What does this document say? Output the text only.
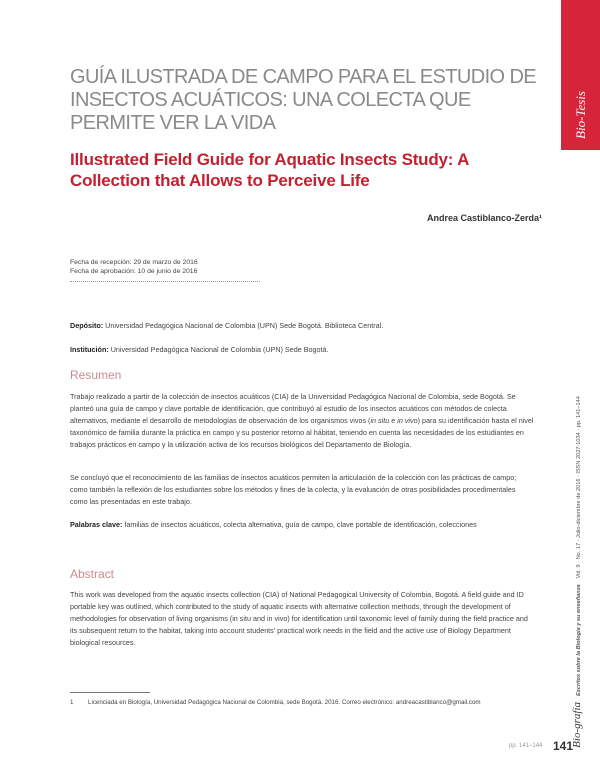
Bio-Tesis
GUÍA ILUSTRADA DE CAMPO PARA EL ESTUDIO DE INSECTOS ACUÁTICOS: UNA COLECTA QUE PERMITE VER LA VIDA
Illustrated Field Guide for Aquatic Insects Study: A Collection that Allows to Perceive Life
Andrea Castiblanco-Zerda¹
Fecha de recepción: 29 de marzo de 2016
Fecha de aprobación: 10 de junio de 2016

Depósito: Universidad Pedagógica Nacional de Colombia (UPN) Sede Bogotá. Biblioteca Central.

Institución: Universidad Pedagógica Nacional de Colombia (UPN) Sede Bogotá.

Resumen

Trabajo realizado a partir de la colección de insectos acuáticos (CIA) de la Universidad Pedagógica Nacional de Colombia, sede Bogotá. Se planteó una guía de campo y clave portable de identificación, que contribuyó al estudio de los insectos acuáticos con métodos de colecta alternativos, mediante el desarrollo de metodologías de observación de los organismos vivos (in situ e in vivo) para su identificación hasta el nivel taxonómico de familia durante la práctica en campo y su posterior retorno al hábitat, teniendo en cuenta las necesidades de los estudiantes en trabajos prácticos en campo y la utilización activa de los recursos biológicos del Departamento de Biología.

Se concluyó que el reconocimiento de las familias de insectos acuáticos permiten la articulación de la colección con las prácticas de campo; como también la reflexión de los estudiantes sobre los métodos y fines de la colecta, y la evaluación de otras posibilidades procedimentales como las presentadas en este trabajo.

Palabras clave: familias de insectos acuáticos, colecta alternativa, guía de campo, clave portable de identificación, colecciones

Abstract

This work was developed from the aquatic insects collection (CIA) of National Pedagogical University of Colombia, Bogotá. A field guide and ID portable key was outlined, which contributed to the study of aquatic insects with alternative collection methods, through the development of methodologies for observation of living organisms (in situ and in vivo) for identification until taxonomic level of family during the field practice and its subsequent return to the habitat, taking into account students' practical work needs in the field and the active use of Biology Department biological resources.

1 Licenciada en Biología, Universidad Pedagógica Nacional de Colombia, sede Bogotá. 2016. Correo electrónico: andreacastiblanco@gmail.com	Bio-grafíaEscritos sobre la Biología y su enseñanzaVol. 9 · No. 17 · Julio-diciembre de 2016 · ISSN 2027-1034 · pp. 141–144
pp. 141–144 141
